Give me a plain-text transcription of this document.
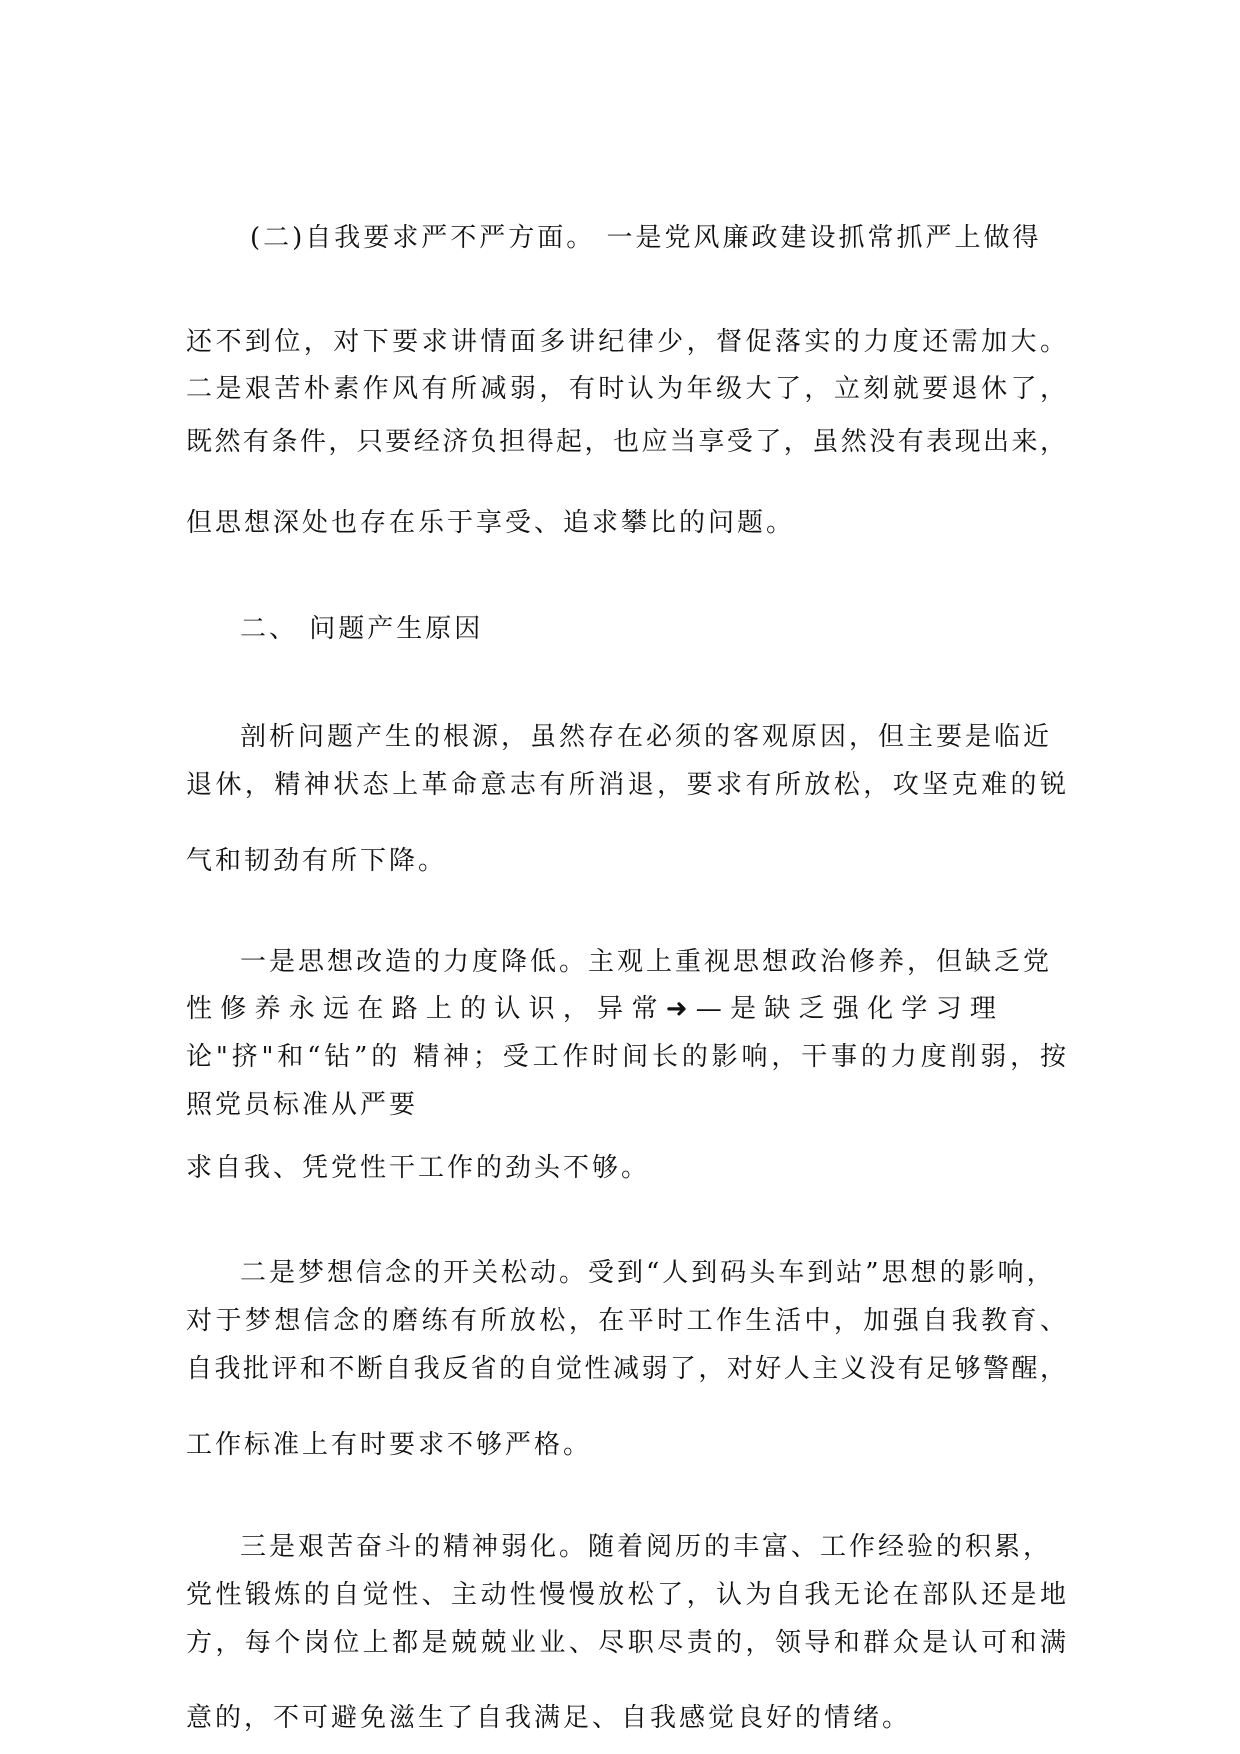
(二)自我要求严不严方面。 一是党风廉政建设抓常抓严上做得
还不到位，对下要求讲情面多讲纪律少，督促落实的力度还需加大。
二是艰苦朴素作风有所减弱，有时认为年级大了，立刻就要退休了，
既然有条件，只要经济负担得起，也应当享受了，虽然没有表现出来，
但思想深处也存在乐于享受、追求攀比的问题。
二、 问题产生原因
剖析问题产生的根源，虽然存在必须的客观原因，但主要是临近
退休，精神状态上革命意志有所消退，要求有所放松，攻坚克难的锐
气和韧劲有所下降。
一是思想改造的力度降低。主观上重视思想政治修养，但缺乏党
性 修 养 永 远 在 路 上 的 认 识 ， 异 常 ➜ — 是 缺 乏 强 化 学 习 理
论"挤"和“钻”的 精神；受工作时间长的影响，干事的力度削弱，按
照党员标准从严要
求自我、凭党性干工作的劲头不够。
二是梦想信念的开关松动。受到“人到码头车到站”思想的影响，
对于梦想信念的磨练有所放松，在平时工作生活中，加强自我教育、
自我批评和不断自我反省的自觉性减弱了，对好人主义没有足够警醒，
工作标准上有时要求不够严格。
三是艰苦奋斗的精神弱化。随着阅历的丰富、工作经验的积累，
党性锻炼的自觉性、主动性慢慢放松了，认为自我无论在部队还是地
方，每个岗位上都是兢兢业业、尽职尽责的，领导和群众是认可和满
意的，不可避免滋生了自我满足、自我感觉良好的情绪。
